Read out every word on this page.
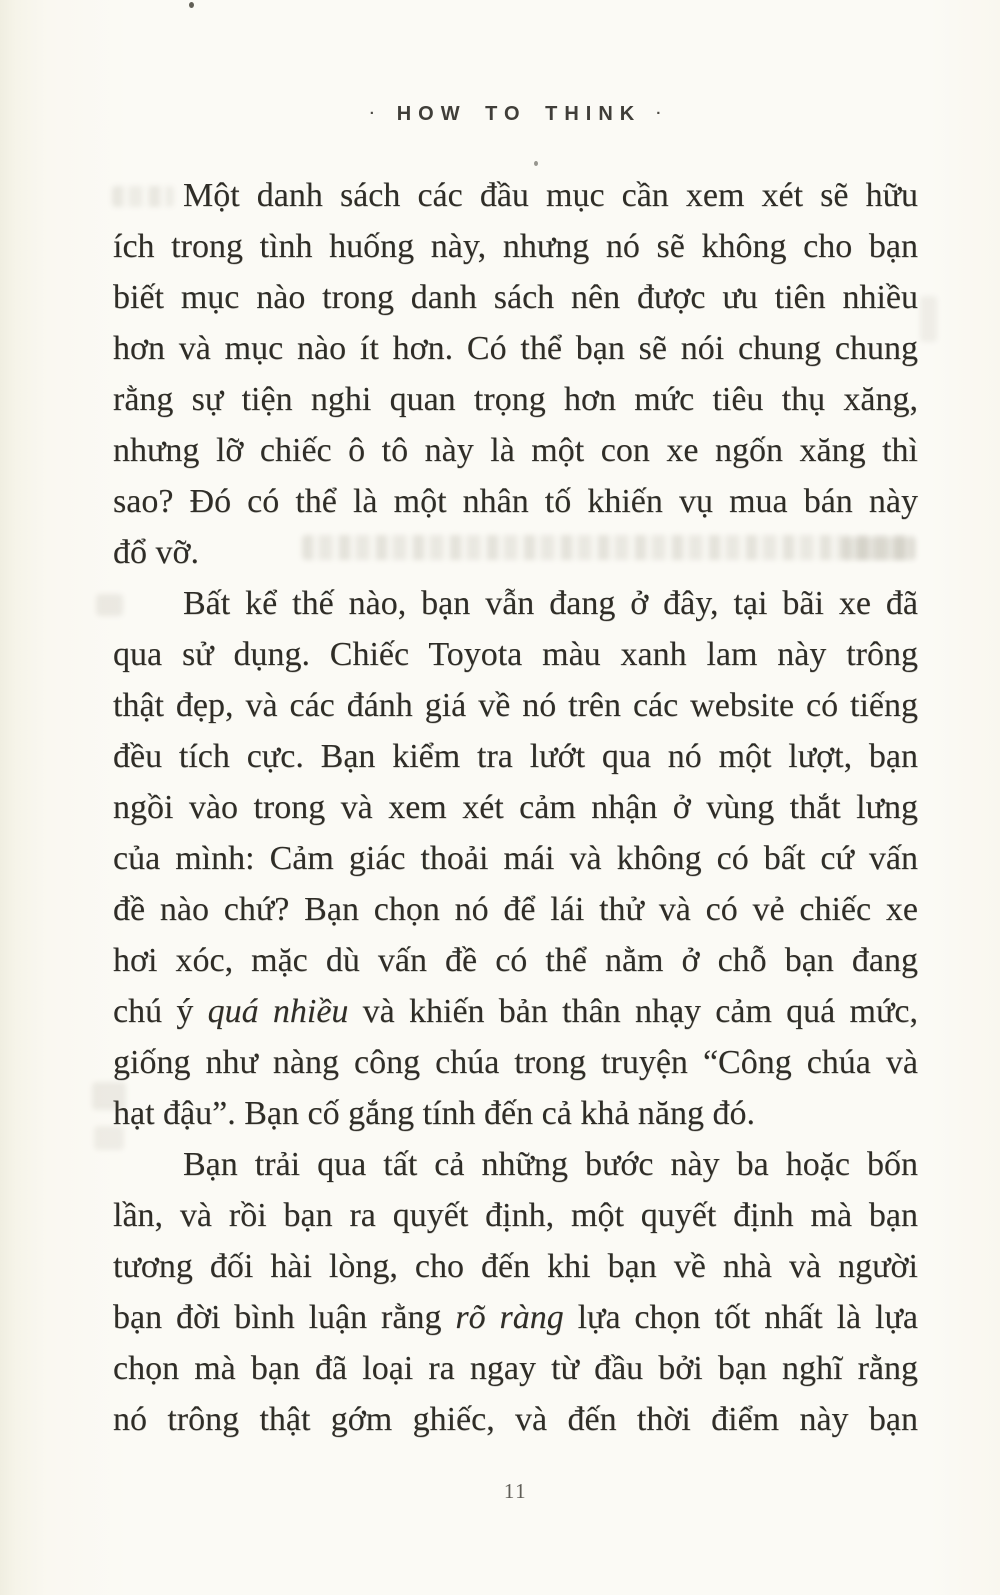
· HOW TO THINK ·
Một danh sách các đầu mục cần xem xét sẽ hữu
ích trong tình huống này, nhưng nó sẽ không cho bạn
biết mục nào trong danh sách nên được ưu tiên nhiều
hơn và mục nào ít hơn. Có thể bạn sẽ nói chung chung
rằng sự tiện nghi quan trọng hơn mức tiêu thụ xăng,
nhưng lỡ chiếc ô tô này là một con xe ngốn xăng thì
sao? Đó có thể là một nhân tố khiến vụ mua bán này
đổ vỡ.
Bất kể thế nào, bạn vẫn đang ở đây, tại bãi xe đã
qua sử dụng. Chiếc Toyota màu xanh lam này trông
thật đẹp, và các đánh giá về nó trên các website có tiếng
đều tích cực. Bạn kiểm tra lướt qua nó một lượt, bạn
ngồi vào trong và xem xét cảm nhận ở vùng thắt lưng
của mình: Cảm giác thoải mái và không có bất cứ vấn
đề nào chứ? Bạn chọn nó để lái thử và có vẻ chiếc xe
hơi xóc, mặc dù vấn đề có thể nằm ở chỗ bạn đang
chú ý quá nhiều và khiến bản thân nhạy cảm quá mức,
giống như nàng công chúa trong truyện “Công chúa và
hạt đậu”. Bạn cố gắng tính đến cả khả năng đó.
Bạn trải qua tất cả những bước này ba hoặc bốn
lần, và rồi bạn ra quyết định, một quyết định mà bạn
tương đối hài lòng, cho đến khi bạn về nhà và người
bạn đời bình luận rằng rõ ràng lựa chọn tốt nhất là lựa
chọn mà bạn đã loại ra ngay từ đầu bởi bạn nghĩ rằng
nó trông thật gớm ghiếc, và đến thời điểm này bạn
11
